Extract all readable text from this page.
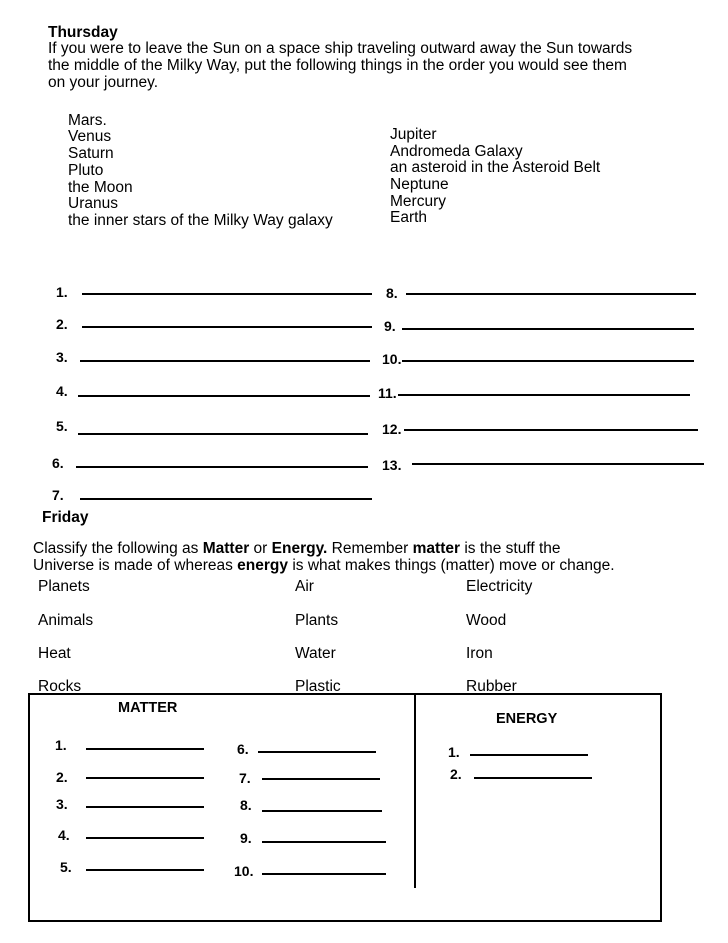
Thursday
If you were to leave the Sun on a space ship traveling outward away the Sun towards
the middle of the Milky Way, put the following things in the order you would see them
on your journey.
Mars.
Venus
Saturn
Pluto
the Moon
Uranus
the inner stars of the Milky Way galaxy
Jupiter
Andromeda Galaxy
an asteroid in the Asteroid Belt
Neptune
Mercury
Earth
1.
2.
3.
4.
5.
6.
7.
8.
9.
10.
11.
12.
13.
Friday
Classify the following as Matter or Energy. Remember matter is the stuff the
Universe is made of whereas energy is what makes things (matter) move or change.
Planets	Air	Electricity
Animals	Plants	Wood
Heat	Water	Iron
Rocks	Plastic	Rubber
MATTER
ENERGY
1.
2.
3.
4.
5.
6.
7.
8.
9.
10.
1.
2.
